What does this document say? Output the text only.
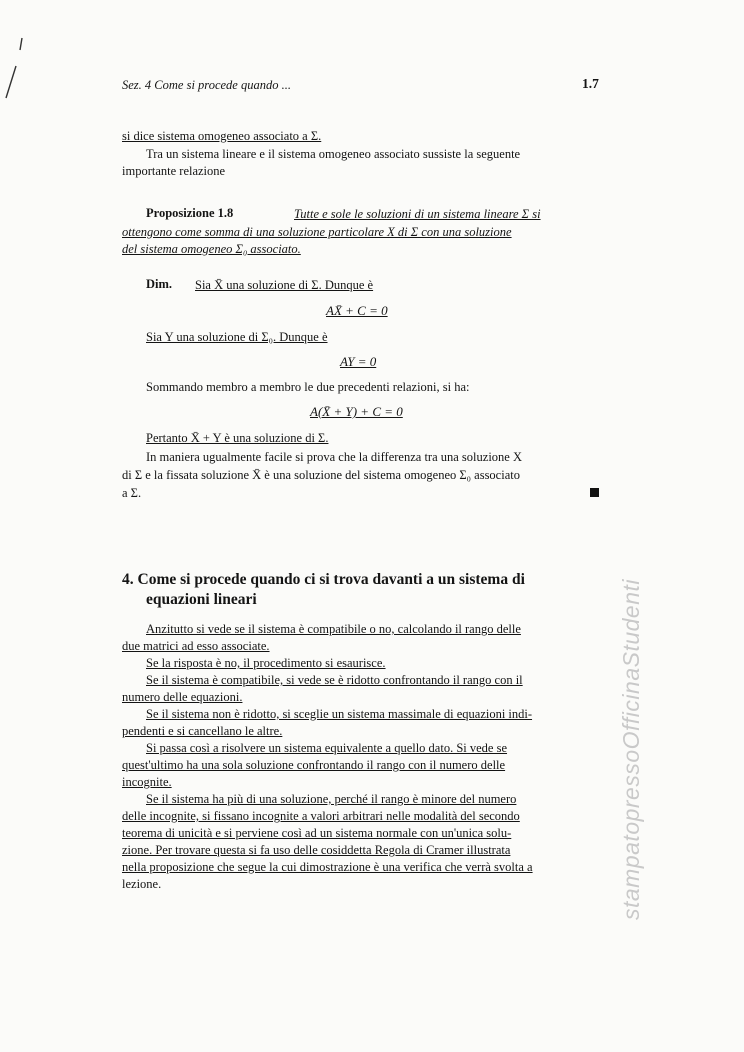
Sez. 4 Come si procede quando ...	1.7
si dice sistema omogeneo associato a Σ.
Tra un sistema lineare e il sistema omogeneo associato sussiste la seguente
importante relazione
Proposizione 1.8	Tutte e sole le soluzioni di un sistema lineare Σ si
ottengono come somma di una soluzione particolare X di Σ con una soluzione
del sistema omogeneo Σ₀ associato.
Dim. Sia X̄ una soluzione di Σ. Dunque è
AX̄ + C = 0
Sia Y una soluzione di Σ₀. Dunque è
AY = 0
Sommando membro a membro le due precedenti relazioni, si ha:
A(X̄ + Y) + C = 0
Pertanto X̄ + Y è una soluzione di Σ.
In maniera ugualmente facile si prova che la differenza tra una soluzione X
di Σ e la fissata soluzione X̄ è una soluzione del sistema omogeneo Σ₀ associato
a Σ.
4. Come si procede quando ci si trova davanti a un sistema di
equazioni lineari
Anzitutto si vede se il sistema è compatibile o no, calcolando il rango delle
due matrici ad esso associate.
Se la risposta è no, il procedimento si esaurisce.
Se il sistema è compatibile, si vede se è ridotto confrontando il rango con il
numero delle equazioni.
Se il sistema non è ridotto, si sceglie un sistema massimale di equazioni indi-
pendenti e si cancellano le altre.
Si passa così a risolvere un sistema equivalente a quello dato. Si vede se
quest'ultimo ha una sola soluzione confrontando il rango con il numero delle
incognite.
Se il sistema ha più di una soluzione, perché il rango è minore del numero
delle incognite, si fissano incognite a valori arbitrari nelle modalità del secondo
teorema di unicità e si perviene così ad un sistema normale con un'unica solu-
zione. Per trovare questa si fa uso delle cosiddetta Regola di Cramer illustrata
nella proposizione che segue la cui dimostrazione è una verifica che verrà svolta a
lezione.	stampatopressoOfficinaStudenti
